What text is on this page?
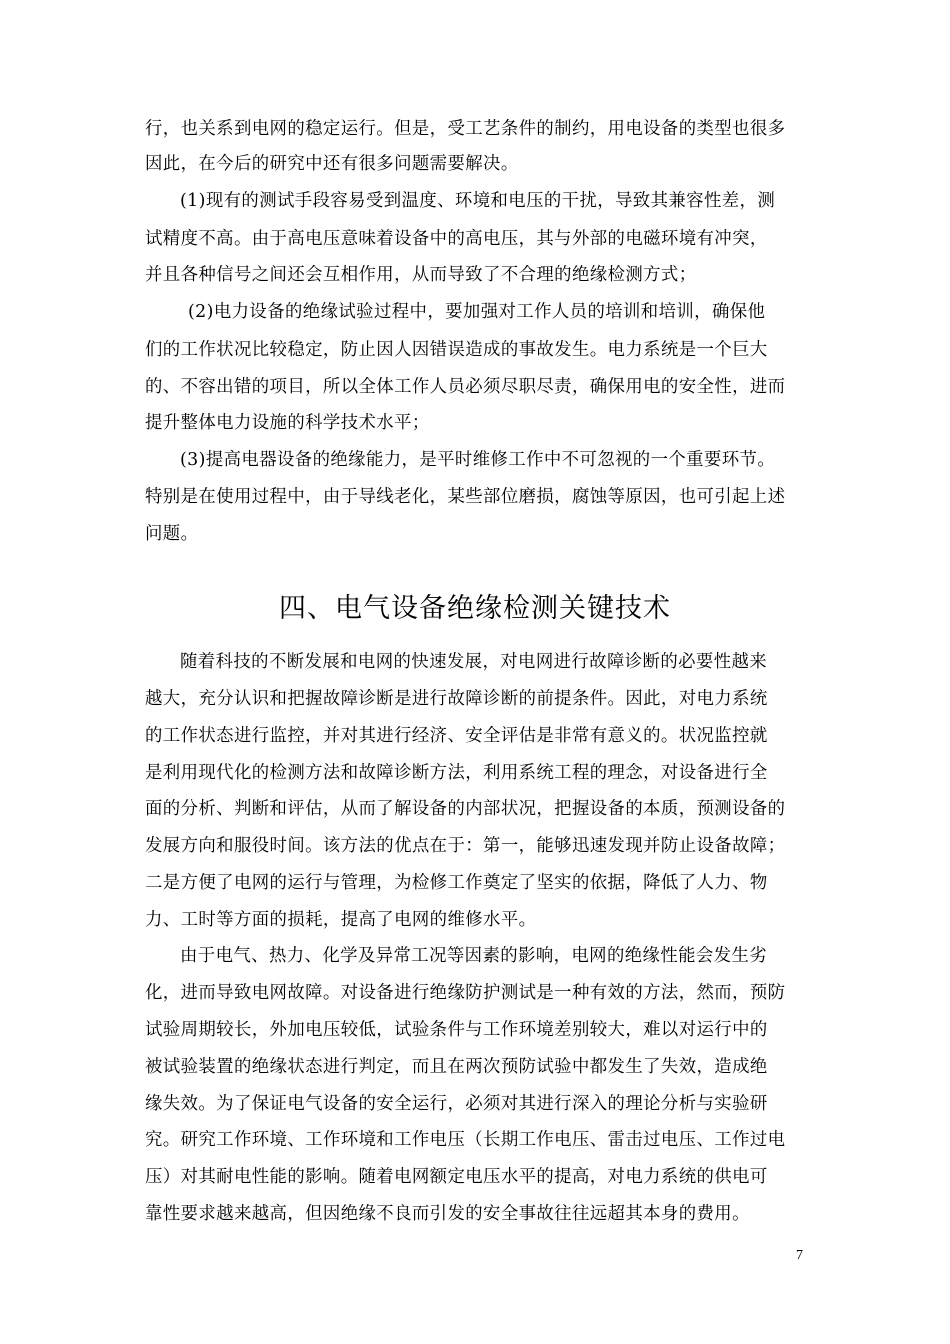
行，也关系到电网的稳定运行。但是，受工艺条件的制约，用电设备的类型也很多
因此，在今后的研究中还有很多问题需要解决。
(1)现有的测试手段容易受到温度、环境和电压的干扰，导致其兼容性差，测
试精度不高。由于高电压意味着设备中的高电压，其与外部的电磁环境有冲突，
并且各种信号之间还会互相作用，从而导致了不合理的绝缘检测方式；
(2)电力设备的绝缘试验过程中，要加强对工作人员的培训和培训，确保他
们的工作状况比较稳定，防止因人因错误造成的事故发生。电力系统是一个巨大
的、不容出错的项目，所以全体工作人员必须尽职尽责，确保用电的安全性，进而
提升整体电力设施的科学技术水平；
(3)提高电器设备的绝缘能力，是平时维修工作中不可忽视的一个重要环节。
特别是在使用过程中，由于导线老化，某些部位磨损，腐蚀等原因，也可引起上述
问题。
四、电气设备绝缘检测关键技术
随着科技的不断发展和电网的快速发展，对电网进行故障诊断的必要性越来
越大，充分认识和把握故障诊断是进行故障诊断的前提条件。因此，对电力系统
的工作状态进行监控，并对其进行经济、安全评估是非常有意义的。状况监控就
是利用现代化的检测方法和故障诊断方法，利用系统工程的理念，对设备进行全
面的分析、判断和评估，从而了解设备的内部状况，把握设备的本质，预测设备的
发展方向和服役时间。该方法的优点在于：第一，能够迅速发现并防止设备故障；
二是方便了电网的运行与管理，为检修工作奠定了坚实的依据，降低了人力、物
力、工时等方面的损耗，提高了电网的维修水平。
由于电气、热力、化学及异常工况等因素的影响，电网的绝缘性能会发生劣
化，进而导致电网故障。对设备进行绝缘防护测试是一种有效的方法，然而，预防
试验周期较长，外加电压较低，试验条件与工作环境差别较大，难以对运行中的
被试验装置的绝缘状态进行判定，而且在两次预防试验中都发生了失效，造成绝
缘失效。为了保证电气设备的安全运行，必须对其进行深入的理论分析与实验研
究。研究工作环境、工作环境和工作电压（长期工作电压、雷击过电压、工作过电
压）对其耐电性能的影响。随着电网额定电压水平的提高，对电力系统的供电可
靠性要求越来越高，但因绝缘不良而引发的安全事故往往远超其本身的费用。
7
